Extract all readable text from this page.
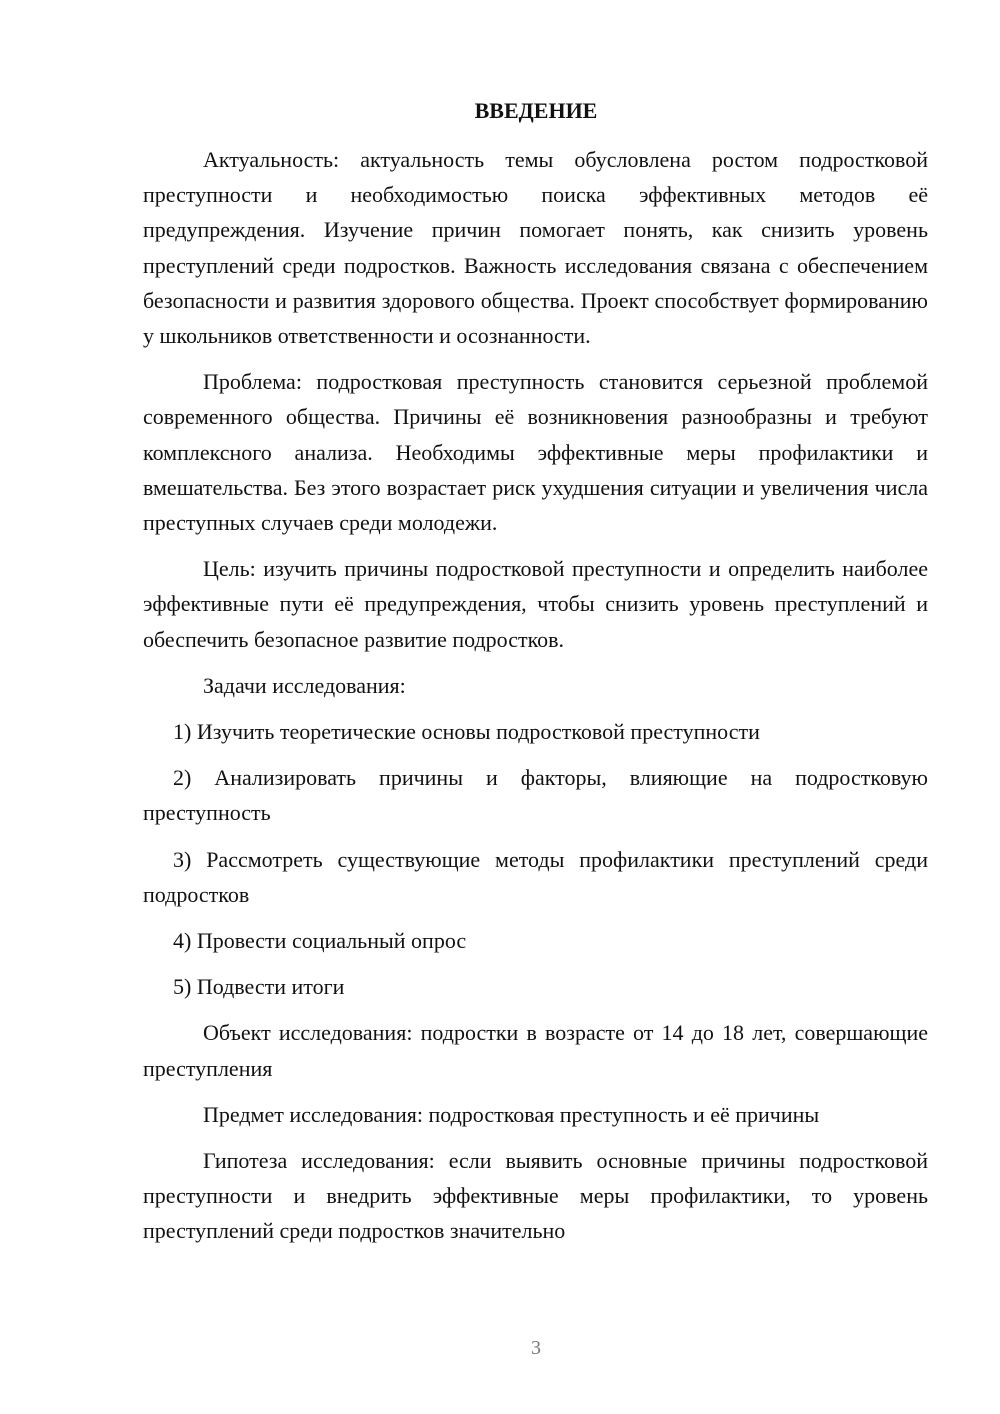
ВВЕДЕНИЕ

Актуальность: актуальность темы обусловлена ростом подростковой преступности и необходимостью поиска эффективных методов её предупреждения. Изучение причин помогает понять, как снизить уровень преступлений среди подростков. Важность исследования связана с обеспечением безопасности и развития здорового общества. Проект способствует формированию у школьников ответственности и осознанности.

Проблема: подростковая преступность становится серьезной проблемой современного общества. Причины её возникновения разнообразны и требуют комплексного анализа. Необходимы эффективные меры профилактики и вмешательства. Без этого возрастает риск ухудшения ситуации и увеличения числа преступных случаев среди молодежи.

Цель: изучить причины подростковой преступности и определить наиболее эффективные пути её предупреждения, чтобы снизить уровень преступлений и обеспечить безопасное развитие подростков.

Задачи исследования:

1) Изучить теоретические основы подростковой преступности

2) Анализировать причины и факторы, влияющие на подростковую преступность

3) Рассмотреть существующие методы профилактики преступлений среди подростков

4) Провести социальный опрос

5) Подвести итоги

Объект исследования: подростки в возрасте от 14 до 18 лет, совершающие преступления

Предмет исследования: подростковая преступность и её причины

Гипотеза исследования: если выявить основные причины подростковой преступности и внедрить эффективные меры профилактики, то уровень преступлений среди подростков значительно

3
